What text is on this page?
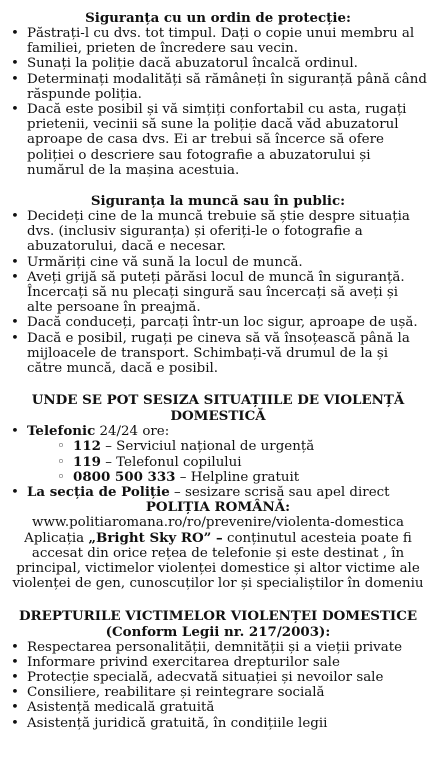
Siguranța cu un ordin de protecție:
• Păstrați-l cu dvs. tot timpul. Dați o copie unui membru al familiei, prieten de încredere sau vecin.
• Sunați la poliție dacă abuzatorul încalcă ordinul.
• Determinați modalități să rămâneți în siguranță până când răspunde poliția.
• Dacă este posibil și vă simțiți confortabil cu asta, rugați prietenii, vecinii să sune la poliție dacă văd abuzatorul aproape de casa dvs. Ei ar trebui să încerce să ofere poliției o descriere sau fotografie a abuzatorului și numărul de la mașina acestuia.
Siguranța la muncă sau în public:
• Decideți cine de la muncă trebuie să știe despre situația dvs. (inclusiv siguranța) și oferiți-le o fotografie a abuzatorului, dacă e necesar.
• Urmăriți cine vă sună la locul de muncă.
• Aveți grijă să puteți părăsi locul de muncă în siguranță. Încercați să nu plecați singură sau încercați să aveți și alte persoane în preajmă.
• Dacă conduceți, parcați într-un loc sigur, aproape de ușă.
• Dacă e posibil, rugați pe cineva să vă însoțească până la mijloacele de transport. Schimbați-vă drumul de la și către muncă, dacă e posibil.
UNDE SE POT SESIZA SITUAȚIILE DE VIOLENȚĂ DOMESTICĂ
• Telefonic 24/24 ore:
◦ 112 – Serviciul național de urgență
◦ 119 – Telefonul copilului
◦ 0800 500 333 – Helpline gratuit
• La secția de Poliție – sesizare scrisă sau apel direct
POLIȚIA ROMÂNĂ:
www.politiaromana.ro/ro/prevenire/violenta-domestica
Aplicația „Bright Sky RO” – conținutul acesteia poate fi accesat din orice rețea de telefonie și este destinat , în principal, victimelor violenței domestice și altor victime ale violenței de gen, cunoscuților lor și specialiștilor în domeniu
DREPTURILE VICTIMELOR VIOLENȚEI DOMESTICE
(Conform Legii nr. 217/2003):
• Respectarea personalității, demnității și a vieții private
• Informare privind exercitarea drepturilor sale
• Protecție specială, adecvată situației și nevoilor sale
• Consiliere, reabilitare și reintegrare socială
• Asistență medicală gratuită
• Asistență juridică gratuită, în condițiile legii
